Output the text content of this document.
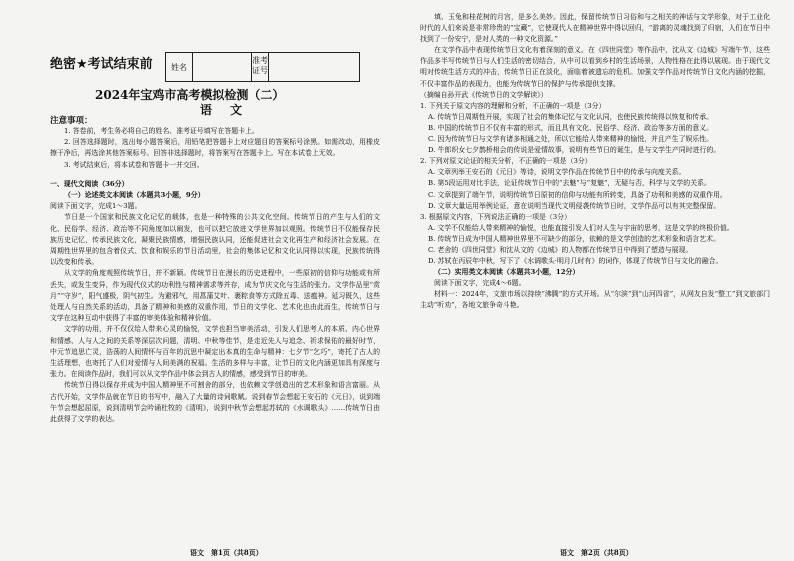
绝密★考试结束前	姓名
准考证号
2024年宝鸡市高考模拟检测（二）
语文
注意事项：

1. 答卷前，考生务必将自己的姓名、准考证号填写在答题卡上。

2. 回答选择题时，选出每小题答案后，用铅笔把答题卡上对应题目的答案标号涂黑。如需改动，用橡皮擦干净后，再选涂其他答案标号。回答非选择题时，将答案写在答题卡上。写在本试卷上无效。

3. 考试结束后，将本试卷和答题卡一并交回。

一、现代文阅读（36分）

（一）论述类文本阅读（本题共3小题，9分）

阅读下面文字，完成1～3题。

节日是一个国家和民族文化记忆的载体，也是一种特殊的公共文化空间。传统节日的产生与人们的文化、民俗学、经济、政治等不同角度加以阐发，也可以把它放进文学世界加以观照。传统节日不仅能保存民族历史记忆，传承民族文化，凝聚民族情感，增强民族认同，还能促进社会文化再生产和经济社会发展。在周期性世界里的包含着仪式、饮食和娱乐的节日活动里，社会的集体记忆和文化认同得以实现，民族传统得以改变和传承。

从文学的角度观照传统节日，并不新颖。传统节日在漫长的历史进程中，一些原初的信仰与功能或有所丢失，或发生变异，作为现代仪式的功利性与精神需求等并存，成为节庆文化与生活的张力。文学作品里“赏月”“守岁”，阳气盛极，阴气初生。为避邪气，用菖蒲艾叶、裹粽食等方式除五毒、送瘟神。延习既久，这些处理人与自然关系的活动，具备了精神和美感的双重作用，节日的文学化、艺术化也由此而生，传统节日与文学在这种互动中获得了丰富的审美体验和精神价值。

文学的功用，并不仅仅给人带来心灵的愉悦，文学也担当审美活动，引发人们思考人的本质、内心世界和情感、人与人之间的关系等深层次问题，清明、中秋等佳节，是走近先人与追念、祈求保佑的最好时节，中元节追思亡灵，浩荡的人间情怀与百年的沉思中凝定出本真的生命与精神：七夕节“乞巧”，寄托了古人的生活理想，也寄托了人们对爱情与人间美满的祝福。生活的多样与丰富，让节日的文化内涵更加具有深度与张力。在阅读作品时，我们可以从文学作品中体会到古人的情感，感受到节日的审美。

传统节日得以保存并成为中国人精神里不可割舍的部分，也依赖文学创造出的艺术形象和语言富丽。从古代开始，文学作品就在节日的书写中，融入了大量的诗词歌赋。说到春节会想起王安石的《元日》，说到端午节会想起屈原，说到清明节会吟诵杜牧的《清明》，说到中秋节会想起苏轼的《水调歌头》……传统节日由此获得了文学的表达。

语文　第1页（共8页）

填、玉兔和桂花树的月宫，是多么美妙。因此，保留传统节日习俗和与之相关的神话与文学形象，对于工业化时代的人们来说是非常珍贵的“宝藏”，它使现代人在精神世界中得以回归，“游离的灵魂找到了归宿，人们在节日中找到了一份安宁，是对人类的一种文化资源。”

在文学作品中表现传统节日文化有着深刻的意义。在《四世同堂》等作品中，沈从文《边城》写端午节，这些作品多半写传统节日与人们生活的密切结合，从中可以看到乡村的生活场景，人物性格在此得以展现。由于现代文明对传统生活方式的冲击，传统节日正在淡化，面临着被遗忘的危机。加强文学作品对传统节日文化内涵的挖掘，不仅丰富作品的表现力，也能为传统节日的保护与传承提供支撑。

（摘编自孙开武《传统节日的文学解读》）

1. 下列关于原文内容的理解和分析，不正确的一项是（3分）

A. 传统节日周期性开展，实现了社会的集体记忆与文化认同，也使民族传统得以恢复和传承。

B. 中国的传统节日不仅有丰富的形式，而且具有文化、民俗学、经济、政治等多方面的意义。

C. 因为传统节日与文学有诸多相通之处，所以它能给人带来精神的愉悦，并且产生了娱乐性。

D. 牛郎织女七夕鹊桥相会的传说是爱情故事，说明有些节日的诞生，是与文学生产同时进行的。

2. 下列对原文论证的相关分析，不正确的一项是（3分）

A. 文章列举王安石的《元日》等诗，说明文学作品在传统节日中的传承与向度关系。

B. 第5段运用对比手法，论证传统节日中的“去魅”与“复魅”，无疑与否，科学与文学的关系。

C. 文章提到了端午节，说明传统节日原初的信仰与功能有所转变，具备了功利和美感的双重作用。

D. 文章大量运用举例论证，意在说明当现代文明侵袭传统节日时，文学作品可以有其完整保留。

3. 根据原文内容，下列说法正确的一项是（3分）

A. 文学不仅能给人带来精神的愉悦，也能直接引发人们对人生与宇宙的思考，这是文学的终极价值。

B. 传统节日成为中国人精神世界里不可缺少的部分，依赖的是文学创造的艺术形象和语言艺术。

C. 老舍的《四世同堂》和沈从文的《边城》的人物都在传统节日中得到了塑造与展现。

D. 苏轼在丙辰年中秋，写下了《水调歌头·明月几时有》的词作，体现了传统节日与文化的融合。

（二）实用类文本阅读（本题共3小题，12分）

阅读下面文字，完成4～6题。

材料一：2024年，文旅市场以持续“沸腾”的方式开场。从“尔滨”到“山河四省”，从网友自发“整工”到文旅部门主动“听劝”，各地文旅争奇斗艳。

语文　第2页（共8页）
